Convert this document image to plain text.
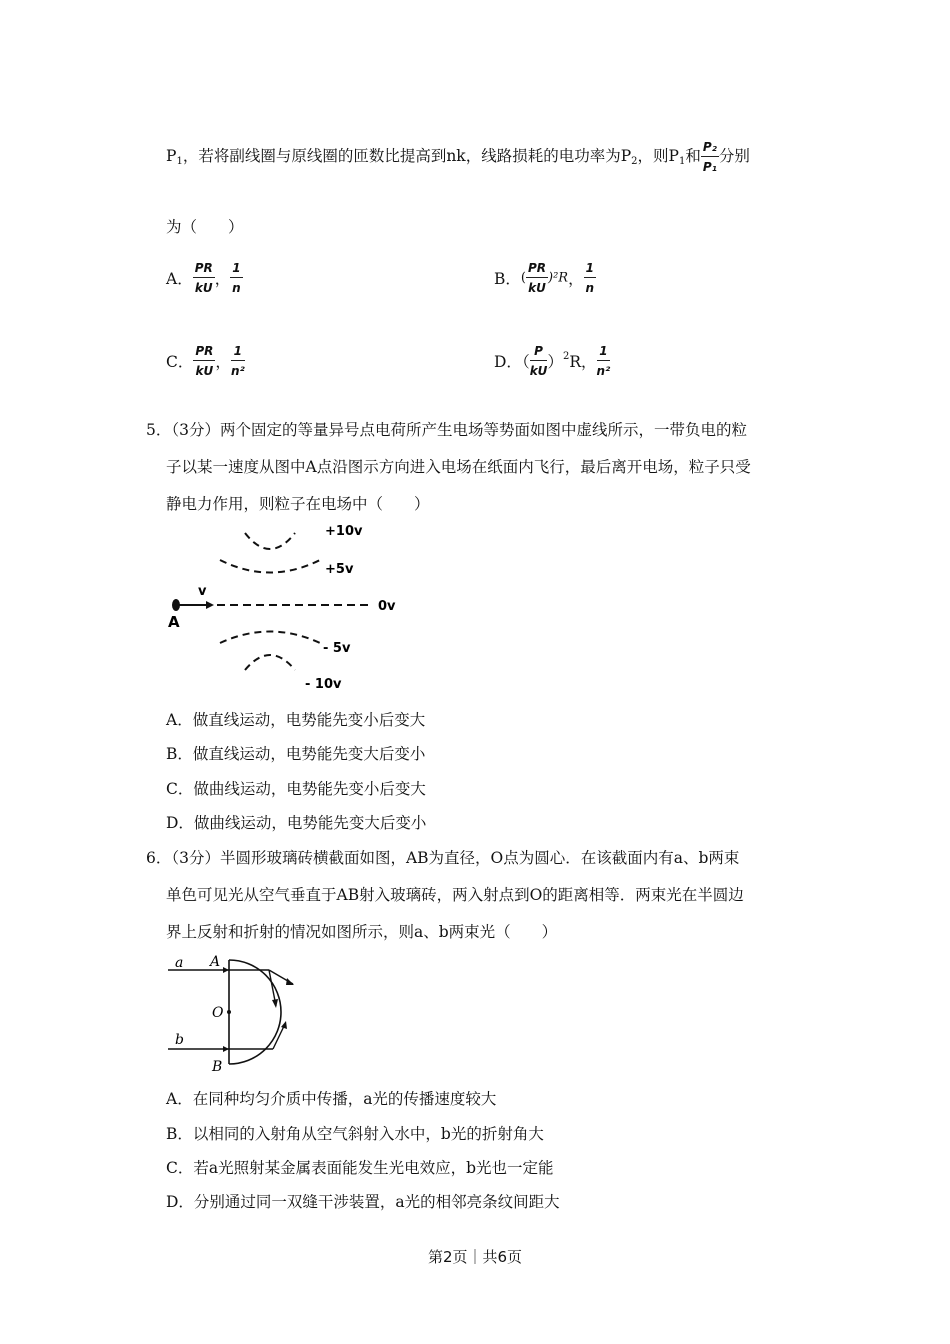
$P_1$，若将副线圈与原线圈的匝数比提高到nk，线路损耗的电功率为$P_2$，则$P_1$和 $\frac{\text{P₂}}{\text{P₁}}$ 分别
为（　　）
A． $\frac{PR}{kU}$ ， $\frac{1}{n}$	B．( $\frac{PR}{kU} )^2R$， $\frac{1}{n}$
C． $\frac{PR}{kU}$ ， $\frac{1}{\text{n²}}$	D．（ $\frac{P}{kU} )^2R$， $\frac{1}{\text{n²}}$
5．（3分）两个固定的等量异号点电荷所产生电场等势面如图中虚线所示，一带负电的粒
子以某一速度从图中A点沿图示方向进入电场在纸面内飞行，最后离开电场，粒子只受
静电力作用，则粒子在电场中（　　）
+10v
+5v
0v
- 5v
- 10v
v
A
A．做直线运动，电势能先变小后变大
B．做直线运动，电势能先变大后变小
C．做曲线运动，电势能先变小后变大
D．做曲线运动，电势能先变大后变小
6．（3分）半圆形玻璃砖横截面如图，AB为直径，O点为圆心．在该截面内有a、b两束
单色可见光从空气垂直于AB射入玻璃砖，两入射点到O的距离相等．两束光在半圆边
界上反射和折射的情况如图所示，则a、b两束光（　　）
a A
O
b
B
A．在同种均匀介质中传播，a光的传播速度较大
B．以相同的入射角从空气斜射入水中，b光的折射角大
C．若a光照射某金属表面能发生光电效应，b光也一定能
D．分别通过同一双缝干涉装置，a光的相邻亮条纹间距大
第2页｜共6页
